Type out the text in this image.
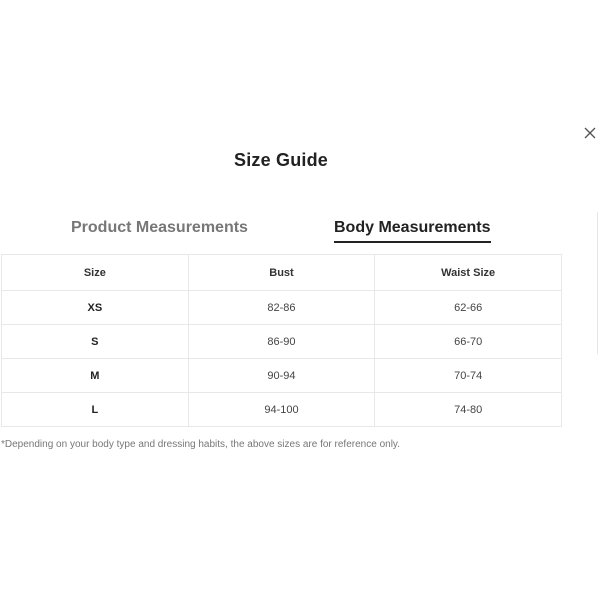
Size Guide
Product Measurements	Body Measurements
Size	Bust	Waist Size
XS	82-86	62-66
S	86-90	66-70
M	90-94	70-74
L	94-100	74-80
*Depending on your body type and dressing habits, the above sizes are for reference only.
